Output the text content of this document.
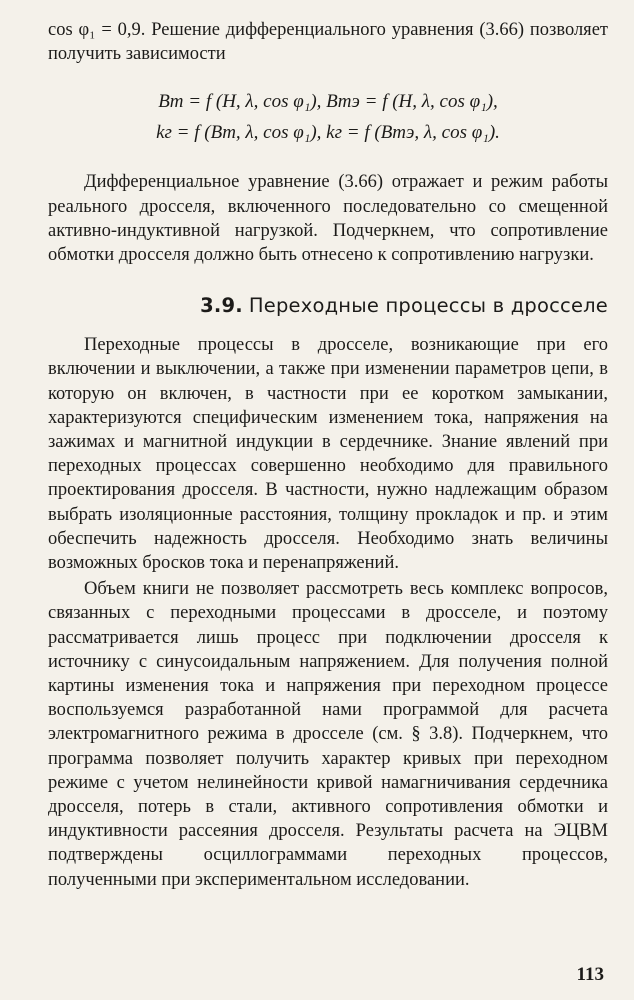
cos φ₁ = 0,9. Решение дифференциального уравнения (3.66) позволяет получить зависимости

Bm = f (H, λ, cos φ₁), Bmэ = f (H, λ, cos φ₁),
kг = f (Bm, λ, cos φ₁), kг = f (Bmэ, λ, cos φ₁).

Дифференциальное уравнение (3.66) отражает и режим работы реального дросселя, включенного последовательно со смещенной активно-индуктивной нагрузкой. Подчеркнем, что сопротивление обмотки дросселя должно быть отнесено к сопротивлению нагрузки.

3.9. Переходные процессы в дросселе

Переходные процессы в дросселе, возникающие при его включении и выключении, а также при изменении параметров цепи, в которую он включен, в частности при ее коротком замыкании, характеризуются специфическим изменением тока, напряжения на зажимах и магнитной индукции в сердечнике. Знание явлений при переходных процессах совершенно необходимо для правильного проектирования дросселя. В частности, нужно надлежащим образом выбрать изоляционные расстояния, толщину прокладок и пр. и этим обеспечить надежность дросселя. Необходимо знать величины возможных бросков тока и перенапряжений.

Объем книги не позволяет рассмотреть весь комплекс вопросов, связанных с переходными процессами в дросселе, и поэтому рассматривается лишь процесс при подключении дросселя к источнику с синусоидальным напряжением. Для получения полной картины изменения тока и напряжения при переходном процессе воспользуемся разработанной нами программой для расчета электромагнитного режима в дросселе (см. § 3.8). Подчеркнем, что программа позволяет получить характер кривых при переходном режиме с учетом нелинейности кривой намагничивания сердечника дросселя, потерь в стали, активного сопротивления обмотки и индуктивности рассеяния дросселя. Результаты расчета на ЭЦВМ подтверждены осциллограммами переходных процессов, полученными при экспериментальном исследовании.

113
